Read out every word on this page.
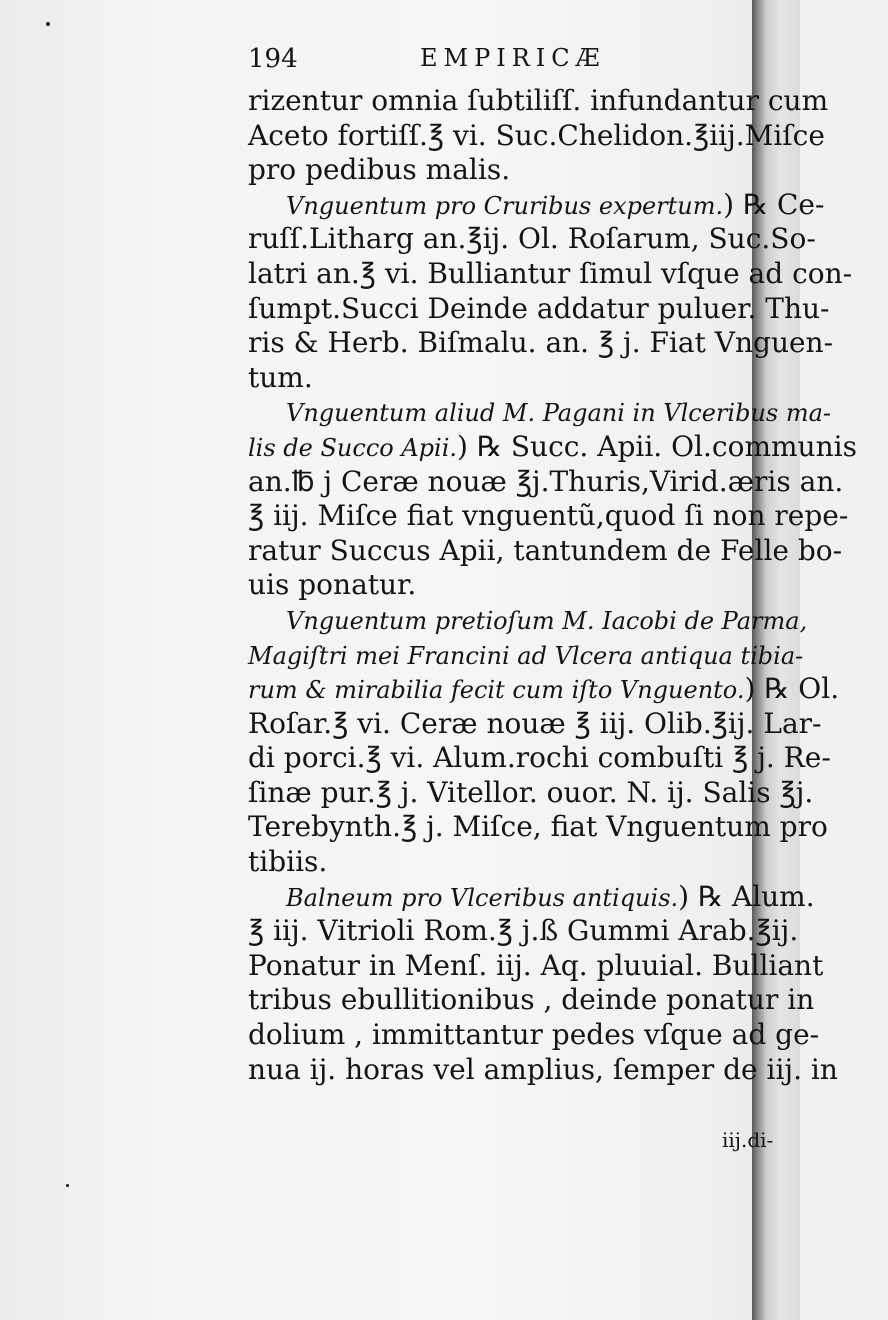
194	EMPIRICÆ
rizentur omnia ſubtiliſſ. infundantur cum
Aceto fortiſſ.℥ vi. Suc.Chelidon.℥iij.Miſce
pro pedibus malis.
Vnguentum pro Cruribus expertum.) ℞ Ce-
ruſſ.Litharg an.℥ij. Ol. Roſarum, Suc.So-
latri an.℥ vi. Bulliantur ſimul vſque ad con-
ſumpt.Succi Deinde addatur puluer. Thu-
ris & Herb. Biſmalu. an. ℥ j. Fiat Vnguen-
tum.
Vnguentum aliud M. Pagani in Vlceribus ma-
lis de Succo Apii.) ℞ Succ. Apii. Ol.communis
an.℔ j Ceræ nouæ ℥j.Thuris,Virid.æris an.
℥ iij. Miſce fiat vnguentũ,quod ſi non repe-
ratur Succus Apii, tantundem de Felle bo-
uis ponatur.
Vnguentum pretioſum M. Iacobi de Parma,
Magiſtri mei Francini ad Vlcera antiqua tibia-
rum & mirabilia fecit cum iſto Vnguento.) ℞ Ol.
Roſar.℥ vi. Ceræ nouæ ℥ iij. Olib.℥ij. Lar-
di porci.℥ vi. Alum.rochi combuſti ℥ j. Re-
ſinæ pur.℥ j. Vitellor. ouor. N. ij. Salis ℥j.
Terebynth.℥ j. Miſce, fiat Vnguentum pro
tibiis.
Balneum pro Vlceribus antiquis.) ℞ Alum.
℥ iij. Vitrioli Rom.℥ j.ß Gummi Arab.℥ij.
Ponatur in Menſ. iij. Aq. pluuial. Bulliant
tribus ebullitionibus , deinde ponatur in
dolium , immittantur pedes vſque ad ge-
nua ij. horas vel amplius, ſemper de iij. in
iij.di-
